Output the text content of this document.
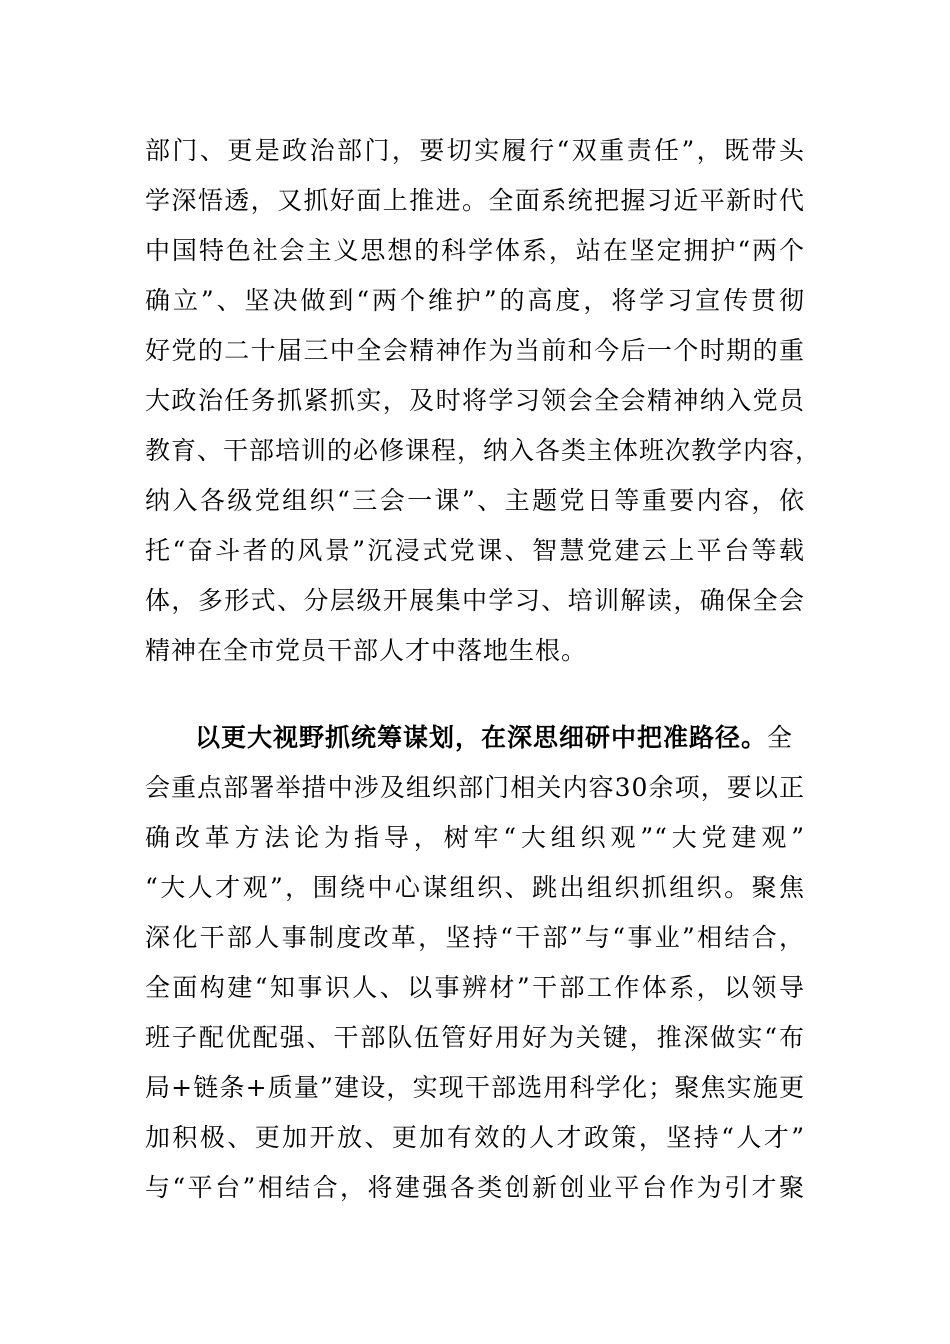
部门、更是政治部门，要切实履行“双重责任”，既带头
学深悟透，又抓好面上推进。全面系统把握习近平新时代
中国特色社会主义思想的科学体系，站在坚定拥护“两个
确立”、坚决做到“两个维护”的高度，将学习宣传贯彻
好党的二十届三中全会精神作为当前和今后一个时期的重
大政治任务抓紧抓实，及时将学习领会全会精神纳入党员
教育、干部培训的必修课程，纳入各类主体班次教学内容，
纳入各级党组织“三会一课”、主题党日等重要内容，依
托“奋斗者的风景”沉浸式党课、智慧党建云上平台等载
体，多形式、分层级开展集中学习、培训解读，确保全会
精神在全市党员干部人才中落地生根。
以更大视野抓统筹谋划，在深思细研中把准路径。全
会重点部署举措中涉及组织部门相关内容30余项，要以正
确改革方法论为指导，树牢“大组织观”“大党建观”
“大人才观”，围绕中心谋组织、跳出组织抓组织。聚焦
深化干部人事制度改革，坚持“干部”与“事业”相结合，
全面构建“知事识人、以事辨材”干部工作体系，以领导
班子配优配强、干部队伍管好用好为关键，推深做实“布
局+链条+质量”建设，实现干部选用科学化；聚焦实施更
加积极、更加开放、更加有效的人才政策，坚持“人才”
与“平台”相结合，将建强各类创新创业平台作为引才聚
